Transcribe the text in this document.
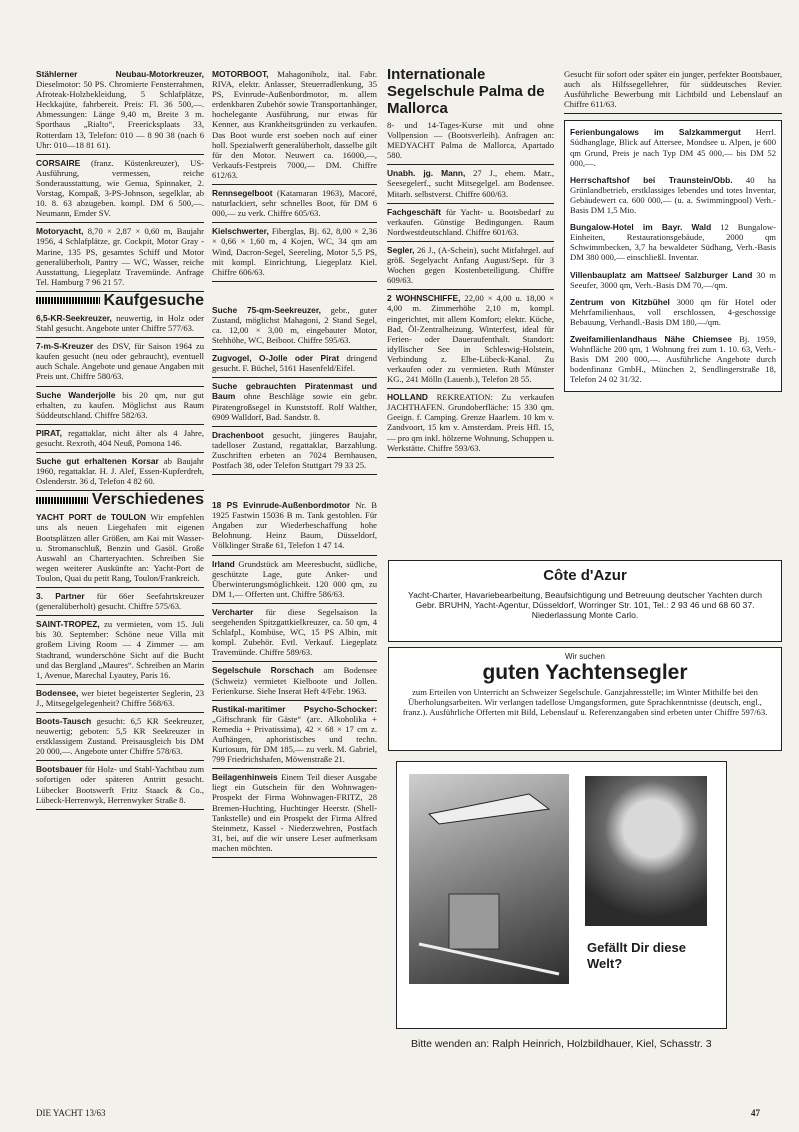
Stählerner Neubau-Motorkreuzer, Dieselmotor: 50 PS. Chromierte Fensterrahmen, Afroteak-Holzbekleidung, 5 Schlafplätze, Heckkajüte, fahrbereit. Preis: Fl. 36 500,—. Abmessungen: Länge 9,40 m, Breite 3 m. Sporthaus „Rialto“, Freericksplaats 33, Rotterdam 13, Telefon: 010 — 8 90 38 (nach 6 Uhr: 010—18 81 61).
CORSAIRE (franz. Küstenkreuzer), US-Ausführung, vermessen, reiche Sonderausstattung, wie Genua, Spinnaker, 2. Vorstag, Kompaß, 3-PS-Johnson, segelklar, ab 10. 8. 63 abzugeben. kompl. DM 6 500,—. Neumann, Emder SV.
Motoryacht, 8,70 × 2,87 × 0,60 m, Baujahr 1956, 4 Schlafplätze, gr. Cockpit, Motor Gray - Marine, 135 PS, gesamtes Schiff und Motor generalüberholt, Pantry — WC, Wasser, reiche Ausstattung, Liegeplatz Travemünde. Anfrage Tel. Hamburg 7 96 21 57.
Kaufgesuche
6,5-KR-Seekreuzer, neuwertig, in Holz oder Stahl gesucht. Angebote unter Chiffre 577/63.
7-m-S-Kreuzer des DSV, für Saison 1964 zu kaufen gesucht (neu oder gebraucht), eventuell auch Schale. Angebote und genaue Angaben mit Preis unt. Chiffre 580/63.
Suche Wanderjolle bis 20 qm, nur gut erhalten, zu kaufen. Möglichst aus Raum Süddeutschland. Chiffre 582/63.
PIRAT, regattaklar, nicht älter als 4 Jahre, gesucht. Rexroth, 404 Neuß, Pomona 146.
Suche gut erhaltenen Korsar ab Baujahr 1960, regattaklar. H. J. Alef, Essen-Kupferdreh, Oslenderstr. 36 d, Telefon 4 82 60.
Verschiedenes
YACHT PORT de TOULON Wir empfehlen uns als neuen Liegehafen mit eigenen Bootsplätzen aller Größen, am Kai mit Wasser- u. Stromanschluß, Benzin und Gasöl. Große Auswahl an Charteryachten. Schreiben Sie wegen weiterer Auskünfte an: Yacht-Port de Toulon, Quai du petit Rang, Toulon/Frankreich.
3. Partner für 66er Seefahrtskreuzer (generalüberholt) gesucht. Chiffre 575/63.
SAINT-TROPEZ, zu vermieten, vom 15. Juli bis 30. September: Schöne neue Villa mit großem Living Room — 4 Zimmer — am Stadtrand, wunderschöne Sicht auf die Bucht und das Bergland „Maures“. Schreiben an Marin 1, Avenue, Marechal Lyautey, Paris 16.
Bodensee, wer bietet begeisterter Seglerin, 23 J., Mitsegelgelegenheit? Chiffre 568/63.
Boots-Tausch gesucht: 6,5 KR Seekreuzer, neuwertig; geboten: 5,5 KR Seekreuzer in erstklassigem Zustand. Preisausgleich bis DM 20 000,—. Angebote unter Chiffre 578/63.
Bootsbauer für Holz- und Stahl-Yachtbau zum sofortigen oder späteren Antritt gesucht. Lübecker Bootswerft Fritz Staack & Co., Lübeck-Herrenwyk, Herrenwyker Straße 8.
MOTORBOOT, Mahagoniholz, ital. Fabr. RIVA, elektr. Anlasser, Steuerradlenkung, 35 PS, Evinrude-Außenbordmotor, m. allem erdenkbaren Zubehör sowie Transportanhänger, hochelegante Ausführung, nur etwas für Kenner, aus Krankheitsgründen zu verkaufen. Das Boot wurde erst soeben noch auf einer holl. Spezialwerft generalüberholt, dasselbe gilt für den Motor. Neuwert ca. 16000,—, Verkaufs-Festpreis 7000,— DM. Chiffre 612/63.
Rennsegelboot (Katamaran 1963), Macoré, naturlackiert, sehr schnelles Boot, für DM 6 000,— zu verk. Chiffre 605/63.
Kielschwerter, Fiberglas, Bj. 62, 8,00 × 2,36 × 0,66 × 1,60 m, 4 Kojen, WC, 34 qm am Wind, Dacron-Segel, Seereling, Motor 5,5 PS, mit kompl. Einrichtung, Liegeplatz Kiel. Chiffre 606/63.
Suche 75-qm-Seekreuzer, gebr., guter Zustand, möglichst Mahagoni, 2 Stand Segel, ca. 12,00 × 3,00 m, eingebauter Motor, Stehhöhe, WC, Beiboot. Chiffre 595/63.
Zugvogel, O-Jolle oder Pirat dringend gesucht. F. Büchel, 5161 Hasenfeld/Eifel.
Suche gebrauchten Piratenmast und Baum ohne Beschläge sowie ein gebr. Piratengroßsegel in Kunststoff. Rolf Walther, 6909 Walldorf, Bad. Sandstr. 8.
Drachenboot gesucht, jüngeres Baujahr, tadelloser Zustand, regattaklar, Barzahlung. Zuschriften erbeten an 7024 Bernhausen, Postfach 38, oder Telefon Stuttgart 79 33 25.
18 PS Evinrude-Außenbordmotor Nr. B 1925 Fastwin 15036 B m. Tank gestohlen. Für Angaben zur Wiederbeschaffung hohe Belohnung. Heinz Baum, Düsseldorf, Völklinger Straße 61, Telefon 1 47 14.
Irland Grundstück am Meeresbucht, südliche, geschützte Lage, gute Anker- und Überwinterungsmöglichkeit. 120 000 qm, zu DM 1,— Offerten unt. Chiffre 586/63.
Vercharter für diese Segelsaison Ia seegehenden Spitzgattkielkreuzer, ca. 50 qm, 4 Schlafpl., Kombüse, WC, 15 PS Albin, mit kompl. Zubehör. Evtl. Verkauf. Liegeplatz Travemünde. Chiffre 589/63.
Segelschule Rorschach am Bodensee (Schweiz) vermietet Kielboote und Jollen. Ferienkurse. Siehe Inserat Heft 4/Febr. 1963.
Rustikal-maritimer Psycho-Schocker: „Giftschrank für Gäste“ (arc. Alkoholika + Remedia + Privatissima), 42 × 68 × 17 cm z. Aufhängen, aphoristisches und techn. Kuriosum, für DM 185,— zu verk. M. Gabriel, 799 Friedrichshafen, Möwenstraße 21.
Beilagenhinweis Einem Teil dieser Ausgabe liegt ein Gutschein für den Wohnwagen-Prospekt der Firma Wohnwagen-FRITZ, 28 Bremen-Huchting, Huchtinger Heerstr. (Shell-Tankstelle) und ein Prospekt der Firma Alfred Steinmetz, Kassel - Niederzwehren, Postfach 31, bei, auf die wir unsere Leser aufmerksam machen möchten.
Internationale Segelschule Palma de Mallorca
8- und 14-Tages-Kurse mit und ohne Vollpension — (Bootsverleih). Anfragen an: MEDYACHT Palma de Mallorca, Apartado 580.
Unabh. jg. Mann, 27 J., ehem. Matr., Seesegelerf., sucht Mitsegelgel. am Bodensee. Mitarb. selbstverst. Chiffre 600/63.
Fachgeschäft für Yacht- u. Bootsbedarf zu verkaufen. Günstige Bedingungen. Raum Nordwestdeutschland. Chiffre 601/63.
Segler, 26 J., (A-Schein), sucht Mitfahrgel. auf größ. Segelyacht Anfang August/Sept. für 3 Wochen gegen Kostenbeteiligung. Chiffre 609/63.
2 WOHNSCHIFFE, 22,00 × 4,00 u. 18,00 × 4,00 m. Zimmerhöhe 2,10 m, kompl. eingerichtet, mit allem Komfort; elektr. Küche, Bad, Öl-Zentralheizung. Winterfest, ideal für Ferien- oder Dauerаufenthalt. Standort: idyllischer See in Schleswig-Holstein, Verbindung z. Elbe-Lübeck-Kanal. Zu verkaufen oder zu vermieten. Ruth Münster KG., 241 Mölln (Lauenb.), Telefon 28 55.
HOLLAND REKREATION: Zu verkaufen JACHTHAFEN. Grundoberfläche: 15 330 qm. Geeign. f. Camping. Grenze Haarlem. 10 km v. Zandvoort, 15 km v. Amsterdam. Preis Hfl. 15,— pro qm inkl. hölzerne Wohnung, Schuppen u. Werkstätte. Chiffre 593/63.
Gesucht für sofort oder später ein junger, perfekter Bootsbauer, auch als Hilfssegellehrer, für süddeutsches Revier. Ausführliche Bewerbung mit Lichtbild und Lebenslauf an Chiffre 611/63.
Ferienbungalows im Salzkammergut Herrl. Südhanglage, Blick auf Attersee, Mondsee u. Alpen, je 600 qm Grund, Preis je nach Typ DM 45 000,— bis DM 52 000,—.
Herrschaftshof bei Traunstein/Obb. 40 ha Grünlandbetrieb, erstklassiges lebendes und totes Inventar, Gebäudewert ca. 600 000,— (u. a. Swimmingpool) Verh.-Basis DM 1,5 Mio.
Bungalow-Hotel im Bayr. Wald 12 Bungalow-Einheiten, Restaurationsgebäude, 2000 qm Schwimmbecken, 3,7 ha bewaldeter Südhang, Verh.-Basis DM 380 000,— einschließl. Inventar.
Villenbauplatz am Mattsee/ Salzburger Land 30 m Seeufer, 3000 qm, Verh.-Basis DM 70,—/qm.
Zentrum von Kitzbühel 3000 qm für Hotel oder Mehrfamilienhaus, voll erschlossen, 4-geschossige Bebauung, Verhandl.-Basis DM 180,—/qm.
Zweifamilienlandhaus Nähe Chiemsee Bj. 1959, Wohnfläche 200 qm, 1 Wohnung frei zum 1. 10. 63, Verh.-Basis DM 200 000,—. Ausführliche Angebote durch bodenfinanz GmbH., München 2, Sendlingerstraße 18, Telefon 24 02 31/32.
Côte d'Azur
Yacht-Charter, Havariebearbeitung, Beaufsichtigung und Betreuung deutscher Yachten durch Gebr. BRUHN, Yacht-Agentur, Düsseldorf, Worringer Str. 101, Tel.: 2 93 46 und 68 60 37. Niederlassung Monte Carlo.
Wir suchen
guten Yachtensegler
zum Erteilen von Unterricht an Schweizer Segelschule. Ganzjahresstelle; im Winter Mithilfe bei den Überholungsarbeiten. Wir verlangen tadellose Umgangsformen, gute Sprachkenntnisse (deutsch, engl., franz.). Ausführliche Offerten mit Bild, Lebenslauf u. Referenzangaben sind erbeten unter Chiffre 597/63.
Gefällt Dir diese Welt?
Bitte wenden an: Ralph Heinrich, Holzbildhauer, Kiel, Schasstr. 3
DIE YACHT 13/63	47
